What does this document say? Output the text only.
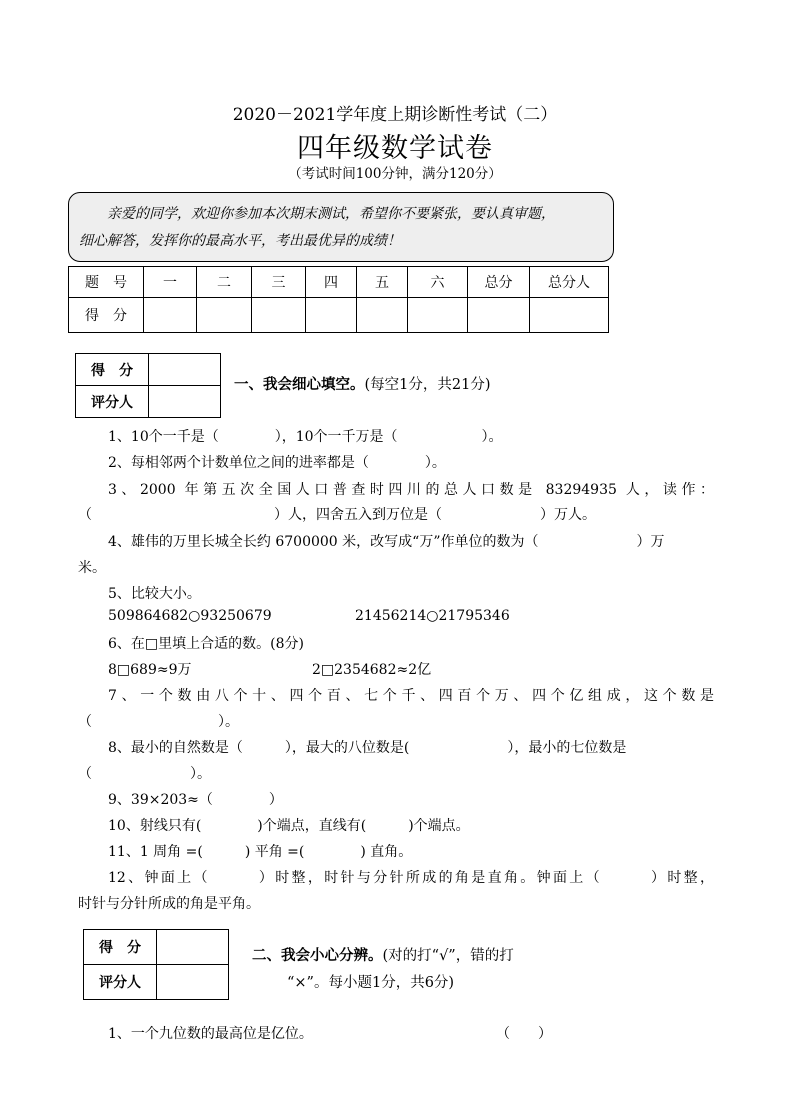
2020－2021学年度上期诊断性考试（二）
四年级数学试卷
（考试时间100分钟，满分120分）
亲爱的同学，欢迎你参加本次期末测试，希望你不要紧张，要认真审题，
细心解答，发挥你的最高水平，考出最优异的成绩！
题　号	一	二	三	四	五	六	总分	总分人
得　分								
得　分	
评分人	
一、我会细心填空。(每空1分，共21分)
1、10个一千是（　　　　），10个一千万是（　　　　　　）。
2、每相邻两个计数单位之间的进率都是（　　　　）。
3、2000 年第五次全国人口普查时四川的总人口数是 83294935 人，读作：
（　　　　　　　　　　　　　）人，四舍五入到万位是（　　　　　　　）万人。
4、雄伟的万里长城全长约 6700000 米，改写成“万”作单位的数为（　　　　　　　）万
米。
5、比较大小。
509864682○93250679	21456214○21795346
6、在□里填上合适的数。(8分)
8□689≈9万	2□2354682≈2亿
7、一个数由八个十、四个百、七个千、四百个万、四个亿组成，这个数是
（　　　　　　　　　）。
8、最小的自然数是（　　　），最大的八位数是(　　　　　　　），最小的七位数是
（　　　　　　　）。
9、39×203≈（　　　　）
10、射线只有(　　　　)个端点，直线有(　　　)个端点。
11、1 周角 =(　　　) 平角 =(　　　　) 直角。
12、钟面上（　　　）时整，时针与分针所成的角是直角。钟面上（　　　）时整，
时针与分针所成的角是平角。
得　分	
评分人	
二、我会小心分辨。(对的打“√”，错的打
“×”。每小题1分，共6分)
1、一个九位数的最高位是亿位。	（　　）
